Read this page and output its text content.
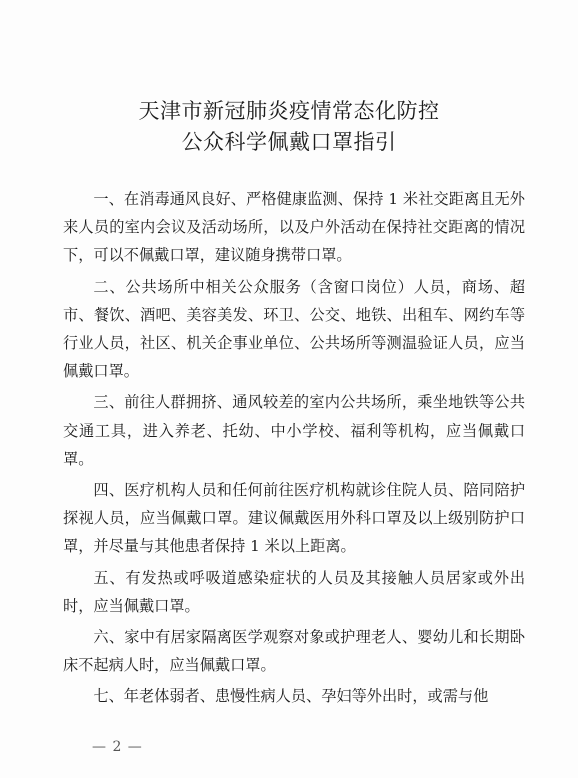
天津市新冠肺炎疫情常态化防控
公众科学佩戴口罩指引

一、在消毒通风良好、严格健康监测、保持 1 米社交距离且无外来人员的室内会议及活动场所，以及户外活动在保持社交距离的情况下，可以不佩戴口罩，建议随身携带口罩。

二、公共场所中相关公众服务（含窗口岗位）人员，商场、超市、餐饮、酒吧、美容美发、环卫、公交、地铁、出租车、网约车等行业人员，社区、机关企事业单位、公共场所等测温验证人员，应当佩戴口罩。

三、前往人群拥挤、通风较差的室内公共场所，乘坐地铁等公共交通工具，进入养老、托幼、中小学校、福利等机构，应当佩戴口罩。

四、医疗机构人员和任何前往医疗机构就诊住院人员、陪同陪护探视人员，应当佩戴口罩。建议佩戴医用外科口罩及以上级别防护口罩，并尽量与其他患者保持 1 米以上距离。

五、有发热或呼吸道感染症状的人员及其接触人员居家或外出时，应当佩戴口罩。

六、家中有居家隔离医学观察对象或护理老人、婴幼儿和长期卧床不起病人时，应当佩戴口罩。

七、年老体弱者、患慢性病人员、孕妇等外出时，或需与他

— 2 —
